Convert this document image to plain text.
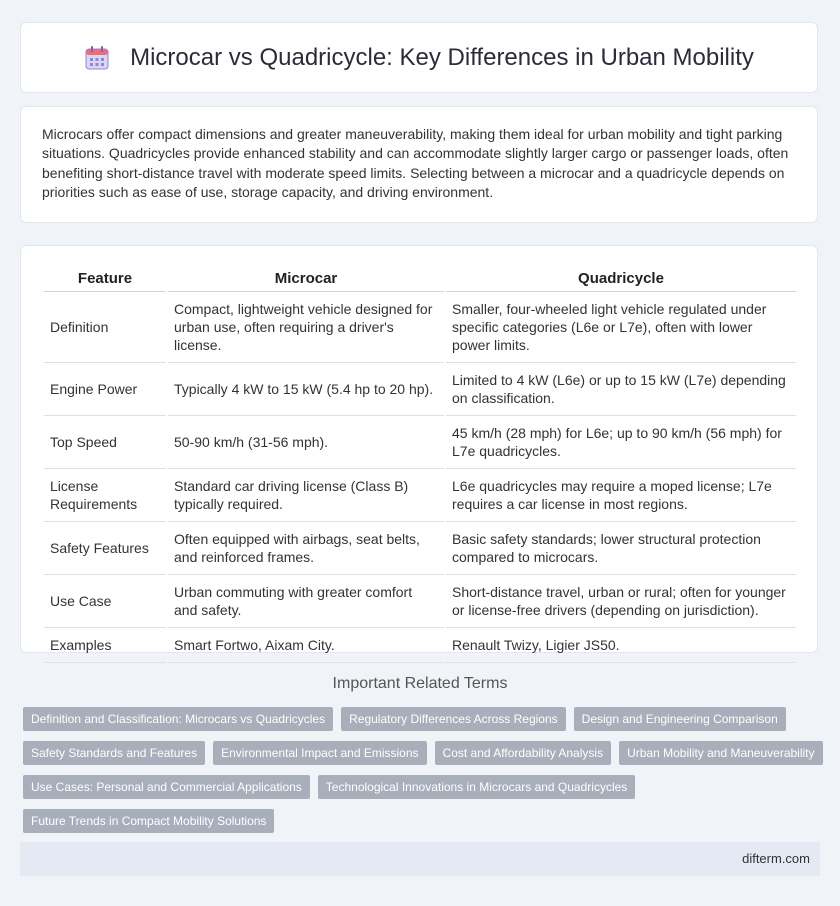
Microcar vs Quadricycle: Key Differences in Urban Mobility

Microcars offer compact dimensions and greater maneuverability, making them ideal for urban mobility and tight parking situations. Quadricycles provide enhanced stability and can accommodate slightly larger cargo or passenger loads, often benefiting short-distance travel with moderate speed limits. Selecting between a microcar and a quadricycle depends on priorities such as ease of use, storage capacity, and driving environment.

Feature	Microcar	Quadricycle
Definition	Compact, lightweight vehicle designed for urban use, often requiring a driver's license.	Smaller, four-wheeled light vehicle regulated under specific categories (L6e or L7e), often with lower power limits.
Engine Power	Typically 4 kW to 15 kW (5.4 hp to 20 hp).	Limited to 4 kW (L6e) or up to 15 kW (L7e) depending on classification.
Top Speed	50-90 km/h (31-56 mph).	45 km/h (28 mph) for L6e; up to 90 km/h (56 mph) for L7e quadricycles.
License Requirements	Standard car driving license (Class B) typically required.	L6e quadricycles may require a moped license; L7e requires a car license in most regions.
Safety Features	Often equipped with airbags, seat belts, and reinforced frames.	Basic safety standards; lower structural protection compared to microcars.
Use Case	Urban commuting with greater comfort and safety.	Short-distance travel, urban or rural; often for younger or license-free drivers (depending on jurisdiction).
Examples	Smart Fortwo, Aixam City.	Renault Twizy, Ligier JS50.
Important Related Terms
Definition and Classification: Microcars vs Quadricycles	Regulatory Differences Across Regions	Design and Engineering Comparison
Safety Standards and Features	Environmental Impact and Emissions	Cost and Affordability Analysis	Urban Mobility and Maneuverability
Use Cases: Personal and Commercial Applications	Technological Innovations in Microcars and Quadricycles
Future Trends in Compact Mobility Solutions
difterm.com
